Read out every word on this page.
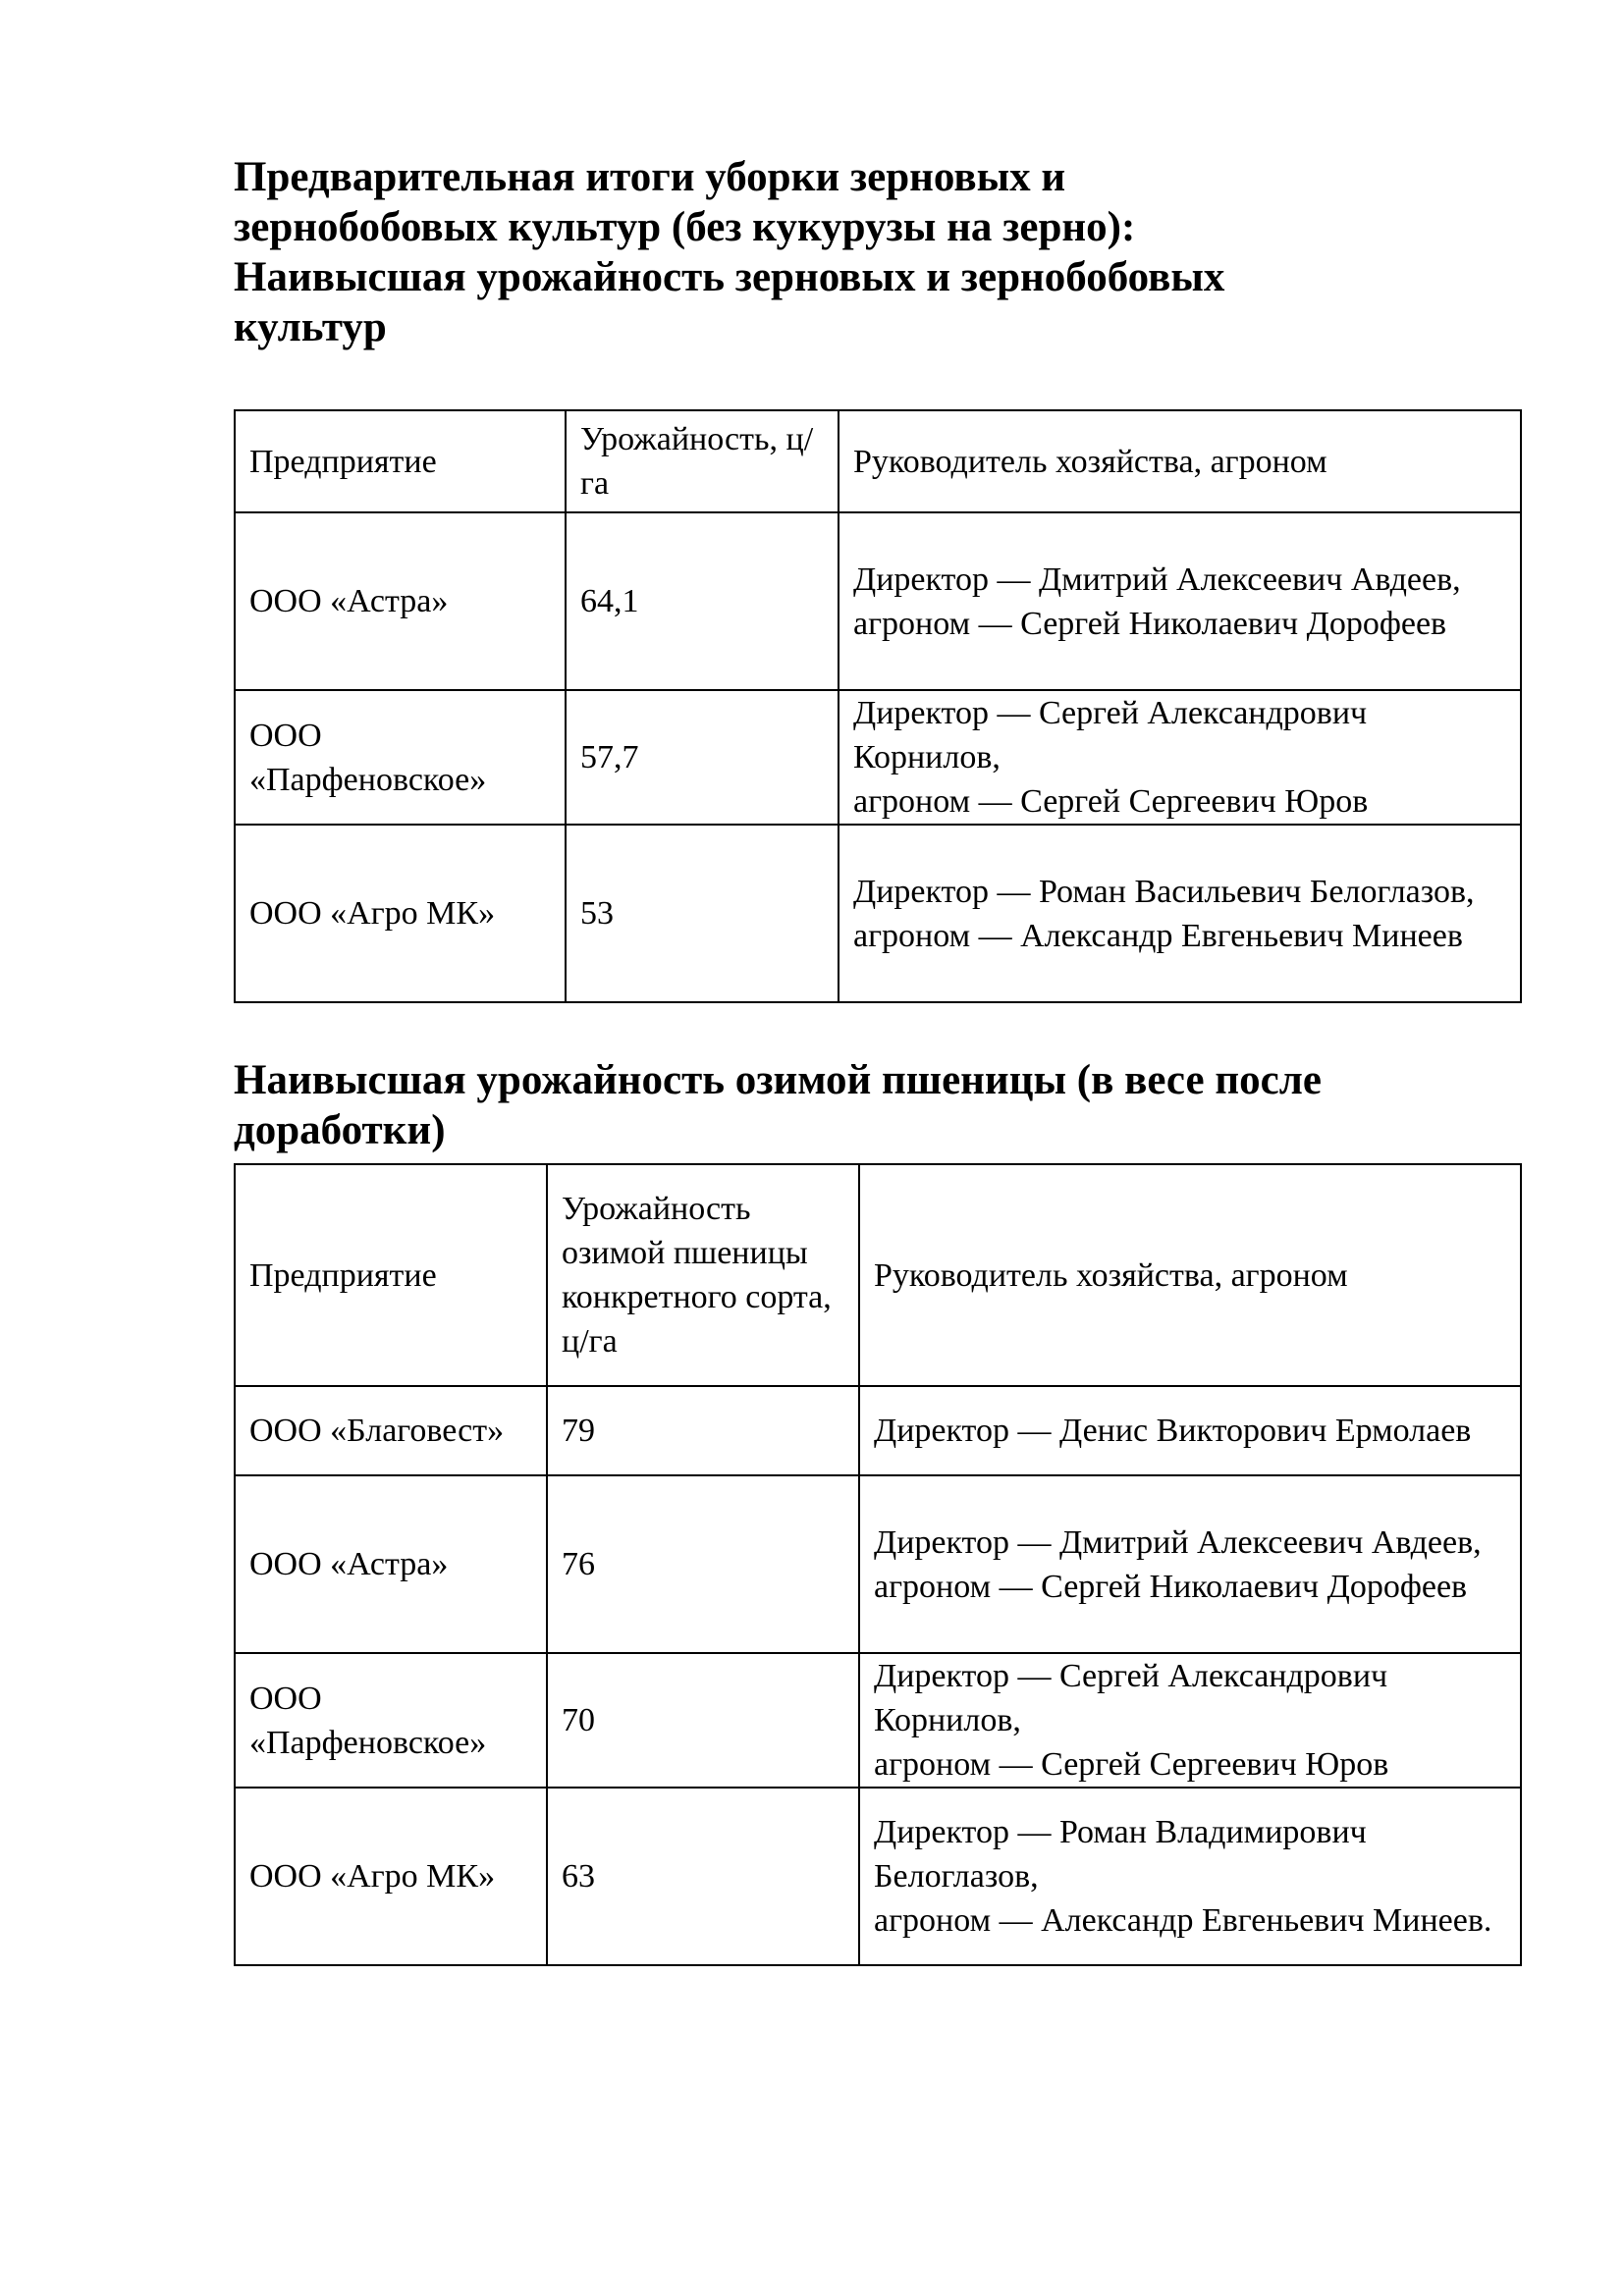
Предварительная итоги уборки зерновых и
зернобобовых культур (без кукурузы на зерно):
Наивысшая урожайность зерновых и зернобобовых
культур
Предприятие	Урожайность, ц/га	Руководитель хозяйства, агроном
ООО «Астра»	64,1	Директор — Дмитрий Алексеевич Авдеев,
агроном — Сергей Николаевич Дорофеев

ООО «Парфеновское»	57,7	Директор — Сергей Александрович Корнилов,
агроном — Сергей Сергеевич Юров

ООО «Агро МК»	53	Директор — Роман Васильевич Белоглазов,
агроном — Александр Евгеньевич Минеев
Наивысшая урожайность озимой пшеницы (в весе после доработки)
Предприятие	Урожайность озимой пшеницы конкретного сорта, ц/га	Руководитель хозяйства, агроном
ООО «Благовест»	79	Директор — Денис Викторович Ермолаев

ООО «Астра»	76	Директор — Дмитрий Алексеевич Авдеев,
агроном — Сергей Николаевич Дорофеев

ООО «Парфеновское»	70	Директор — Сергей Александрович Корнилов,
агроном — Сергей Сергеевич Юров

ООО «Агро МК»	63	Директор — Роман Владимирович Белоглазов,
агроном — Александр Евгеньевич Минеев.
